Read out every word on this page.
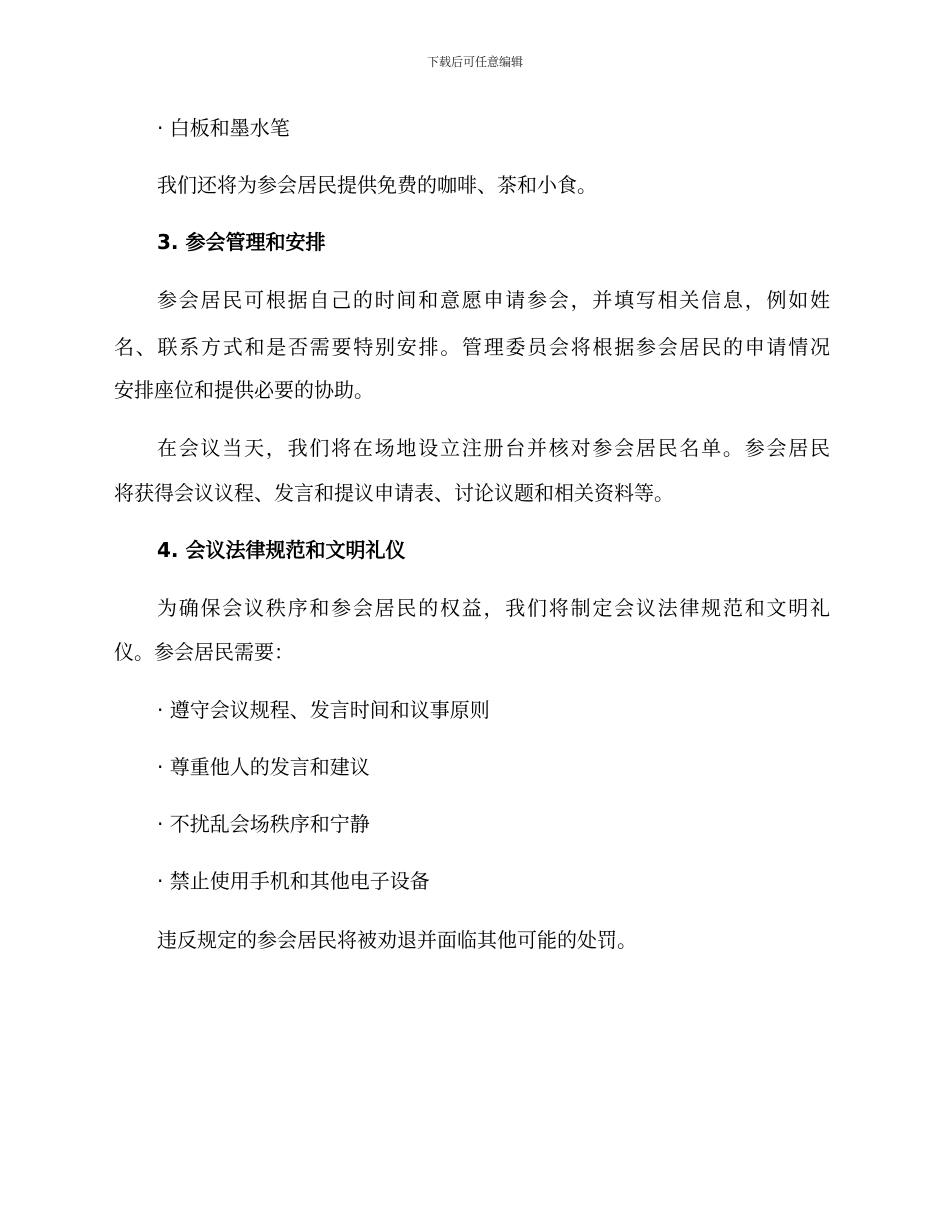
下载后可任意编辑
· 白板和墨水笔
我们还将为参会居民提供免费的咖啡、茶和小食。
3. 参会管理和安排
参会居民可根据自己的时间和意愿申请参会，并填写相关信息，例如姓
名、联系方式和是否需要特别安排。管理委员会将根据参会居民的申请情况
安排座位和提供必要的协助。
在会议当天，我们将在场地设立注册台并核对参会居民名单。参会居民
将获得会议议程、发言和提议申请表、讨论议题和相关资料等。
4. 会议法律规范和文明礼仪
为确保会议秩序和参会居民的权益，我们将制定会议法律规范和文明礼
仪。参会居民需要：
· 遵守会议规程、发言时间和议事原则
· 尊重他人的发言和建议
· 不扰乱会场秩序和宁静
· 禁止使用手机和其他电子设备
违反规定的参会居民将被劝退并面临其他可能的处罚。
